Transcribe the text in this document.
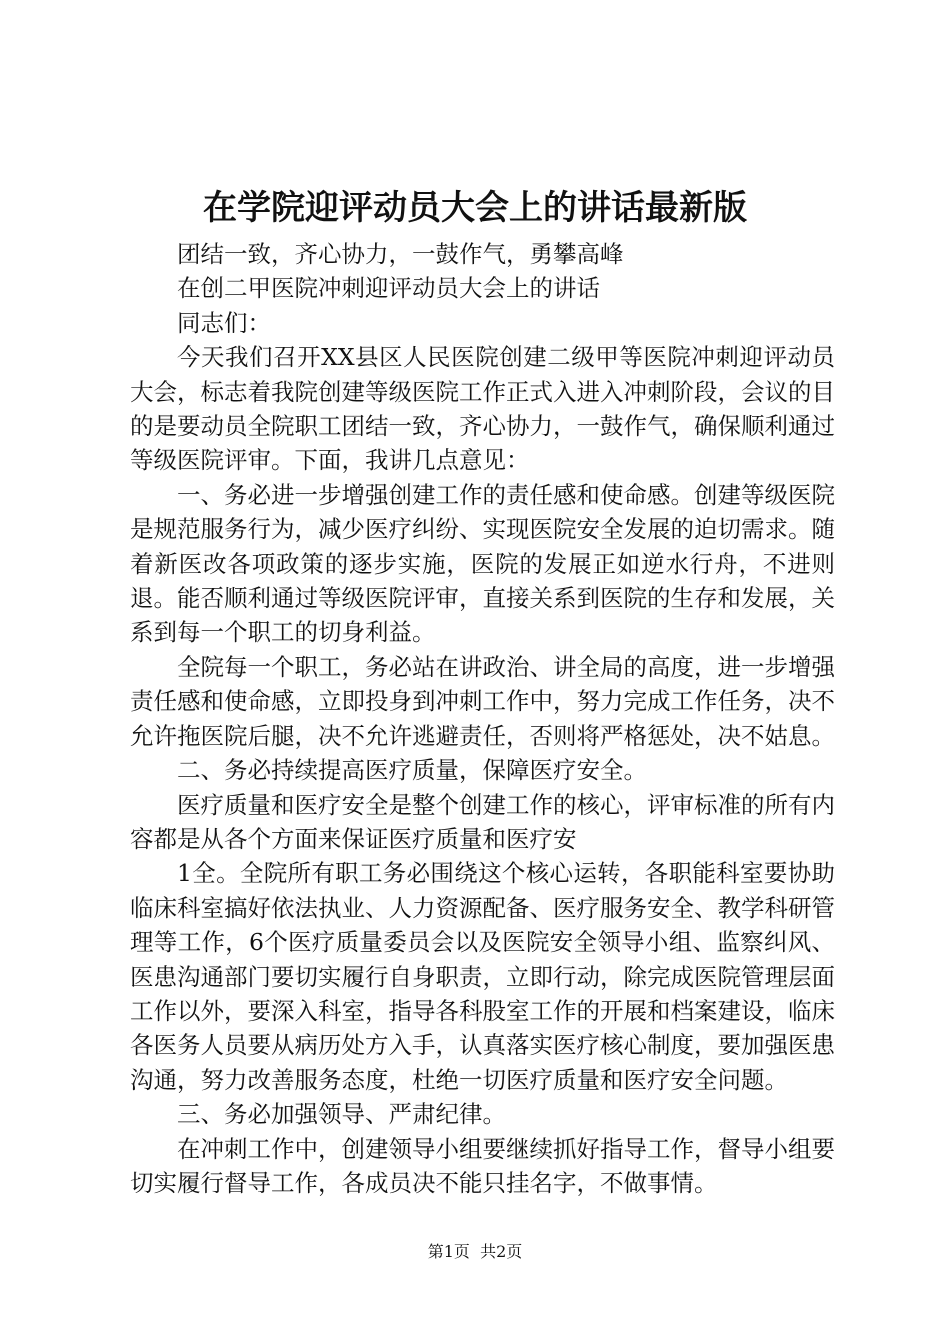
在学院迎评动员大会上的讲话最新版

团结一致，齐心协力，一鼓作气，勇攀高峰

在创二甲医院冲刺迎评动员大会上的讲话

同志们：

今天我们召开XX县区人民医院创建二级甲等医院冲刺迎评动员大会，标志着我院创建等级医院工作正式入进入冲刺阶段，会议的目的是要动员全院职工团结一致，齐心协力，一鼓作气，确保顺利通过等级医院评审。下面，我讲几点意见：

一、务必进一步增强创建工作的责任感和使命感。创建等级医院是规范服务行为，减少医疗纠纷、实现医院安全发展的迫切需求。随着新医改各项政策的逐步实施，医院的发展正如逆水行舟，不进则退。能否顺利通过等级医院评审，直接关系到医院的生存和发展，关系到每一个职工的切身利益。

全院每一个职工，务必站在讲政治、讲全局的高度，进一步增强责任感和使命感，立即投身到冲刺工作中，努力完成工作任务，决不允许拖医院后腿，决不允许逃避责任，否则将严格惩处，决不姑息。

二、务必持续提高医疗质量，保障医疗安全。

医疗质量和医疗安全是整个创建工作的核心，评审标准的所有内容都是从各个方面来保证医疗质量和医疗安

1全。全院所有职工务必围绕这个核心运转，各职能科室要协助临床科室搞好依法执业、人力资源配备、医疗服务安全、教学科研管理等工作，6个医疗质量委员会以及医院安全领导小组、监察纠风、医患沟通部门要切实履行自身职责，立即行动，除完成医院管理层面工作以外，要深入科室，指导各科股室工作的开展和档案建设，临床各医务人员要从病历处方入手，认真落实医疗核心制度，要加强医患沟通，努力改善服务态度，杜绝一切医疗质量和医疗安全问题。

三、务必加强领导、严肃纪律。

在冲刺工作中，创建领导小组要继续抓好指导工作，督导小组要切实履行督导工作，各成员决不能只挂名字，不做事情。

第1页 共2页
